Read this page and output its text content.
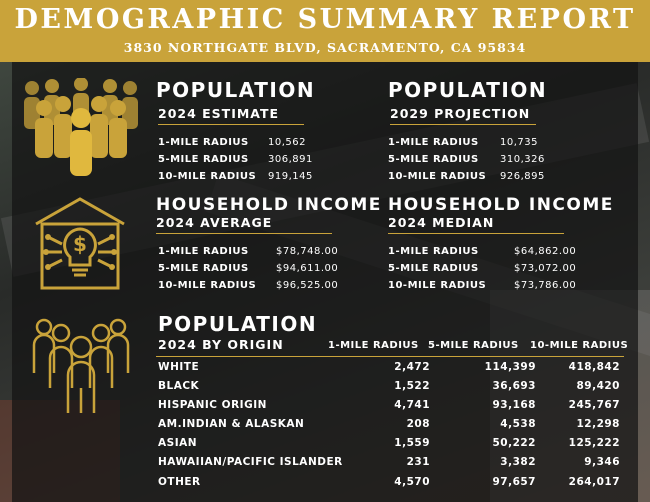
DEMOGRAPHIC SUMMARY REPORT
3830 NORTHGATE BLVD, SACRAMENTO, CA 95834
$
POPULATION
2024 ESTIMATE
1-MILE RADIUS 10,562
5-MILE RADIUS 306,891
10-MILE RADIUS 919,145
POPULATION
2029 PROJECTION
1-MILE RADIUS 10,735
5-MILE RADIUS 310,326
10-MILE RADIUS 926,895
HOUSEHOLD INCOME
2024 AVERAGE
1-MILE RADIUS	$78,748.00
5-MILE RADIUS	$94,611.00
10-MILE RADIUS $96,525.00
HOUSEHOLD INCOME
2024 MEDIAN
1-MILE RADIUS	$64,862.00
5-MILE RADIUS	$73,072.00
10-MILE RADIUS	$73,786.00
POPULATION
2024 BY ORIGIN	1-MILE RADIUS 5-MILE RADIUS 10-MILE RADIUS
WHITE	2,472	114,399	418,842
BLACK	1,522	36,693	89,420
HISPANIC ORIGIN	4,741	93,168	245,767
AM.INDIAN & ALASKAN	208	4,538	12,298
ASIAN	1,559	50,222	125,222
HAWAIIAN/PACIFIC ISLANDER	231	3,382	9,346
OTHER	4,570	97,657	264,017
